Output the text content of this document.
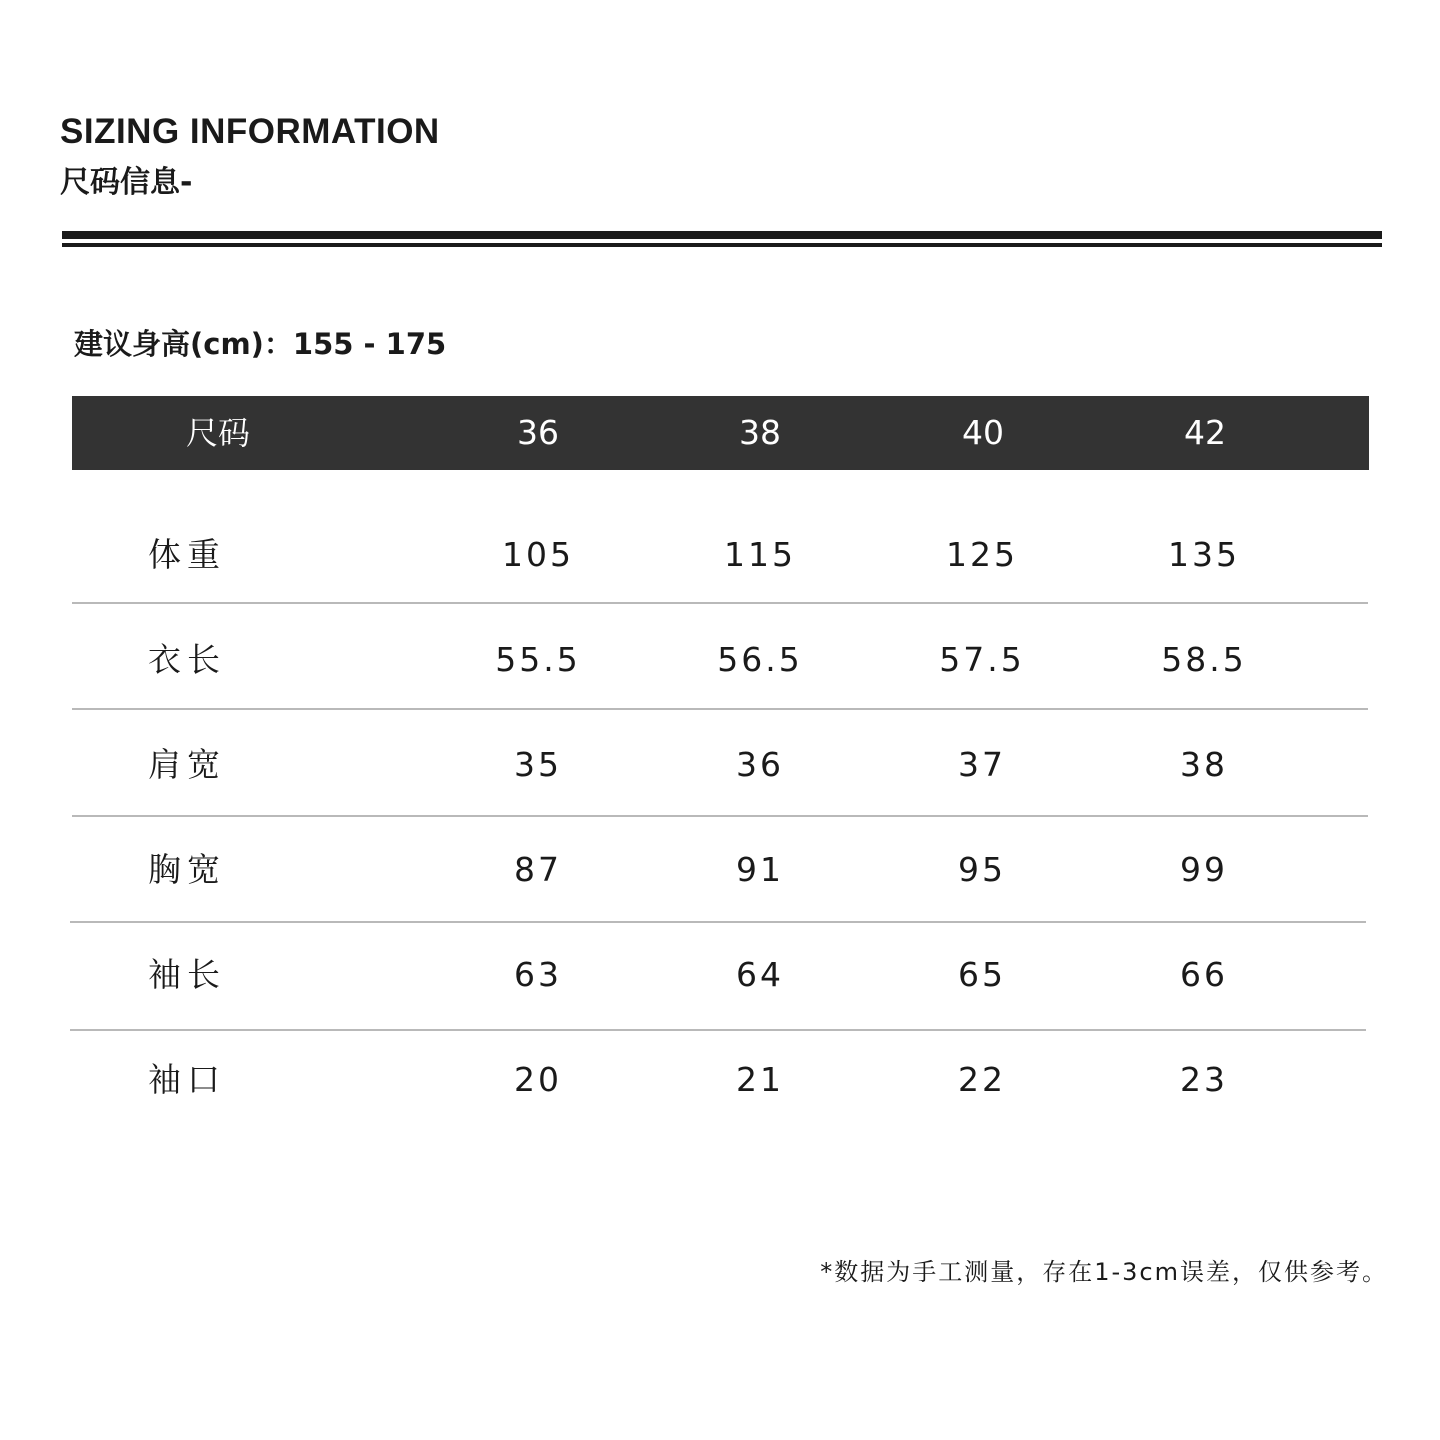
SIZING INFORMATION
尺码信息-
建议身高(cm)：155 - 175
尺码	36	38	40	42
体重	105	115	125	135
衣长	55.5	56.5	57.5	58.5
肩宽	35	36	37	38
胸宽	87	91	95	99
袖长	63	64	65	66
袖口	20	21	22	23
*数据为手工测量，存在1-3cm误差，仅供参考。
